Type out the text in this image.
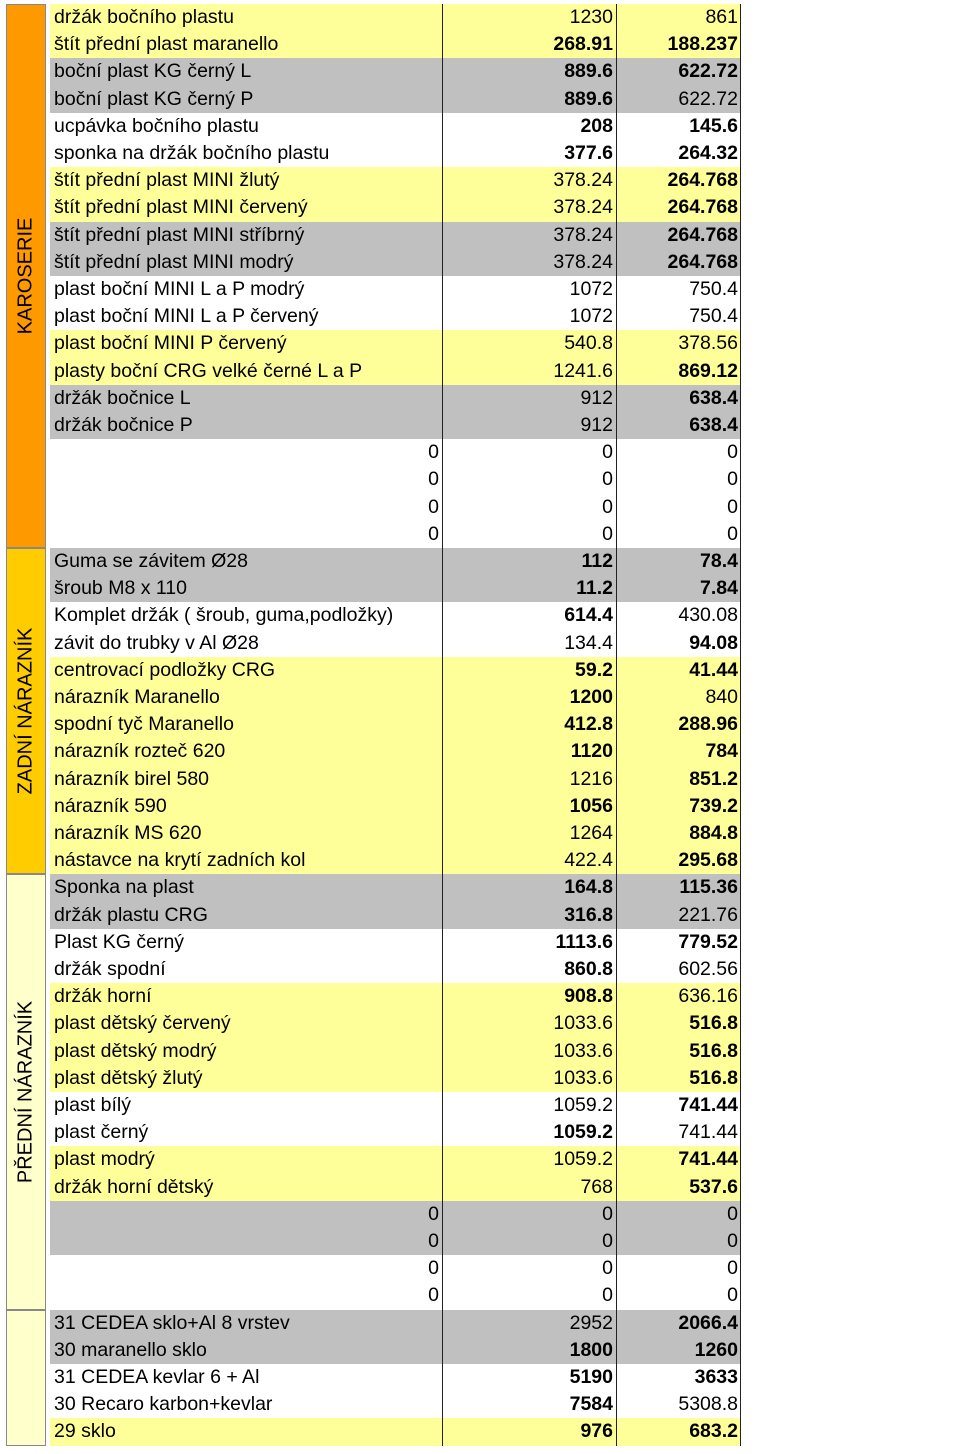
KAROSERIE
ZADNÍ NÁRAZNÍK
PŘEDNÍ NÁRAZNÍK
držák bočního plastu	1230	861
štít přední plast maranello	268.91	188.237
boční plast KG černý L	889.6	622.72
boční plast KG černý P	889.6	622.72
ucpávka bočního plastu	208	145.6
sponka na držák bočního plastu	377.6	264.32
štít přední plast MINI žlutý	378.24	264.768
štít přední plast MINI červený	378.24	264.768
štít přední plast MINI stříbrný	378.24	264.768
štít přední plast MINI modrý	378.24	264.768
plast boční MINI L a P modrý	1072	750.4
plast boční MINI L a P červený	1072	750.4
plast boční MINI P červený	540.8	378.56
plasty boční CRG velké černé L a P	1241.6	869.12
držák bočnice L	912	638.4
držák bočnice P	912	638.4
0	0	0
0	0	0
0	0	0
0	0	0
Guma se závitem Ø28	112	78.4
šroub M8 x 110	11.2	7.84
Komplet držák ( šroub, guma,podložky)	614.4	430.08
závit do trubky v Al Ø28	134.4	94.08
centrovací podložky CRG	59.2	41.44
nárazník Maranello	1200	840
spodní tyč Maranello	412.8	288.96
nárazník rozteč 620	1120	784
nárazník birel 580	1216	851.2
nárazník 590	1056	739.2
nárazník MS 620	1264	884.8
nástavce na krytí zadních kol	422.4	295.68
Sponka na plast	164.8	115.36
držák plastu CRG	316.8	221.76
Plast KG černý	1113.6	779.52
držák spodní	860.8	602.56
držák horní	908.8	636.16
plast dětský červený	1033.6	516.8
plast dětský modrý	1033.6	516.8
plast dětský žlutý	1033.6	516.8
plast bílý	1059.2	741.44
plast černý	1059.2	741.44
plast modrý	1059.2	741.44
držák horní dětský	768	537.6
0	0	0
0	0	0
0	0	0
0	0	0
31 CEDEA sklo+Al 8 vrstev	2952	2066.4
30 maranello sklo	1800	1260
31 CEDEA kevlar 6 + Al	5190	3633
30 Recaro karbon+kevlar	7584	5308.8
29 sklo	976	683.2
